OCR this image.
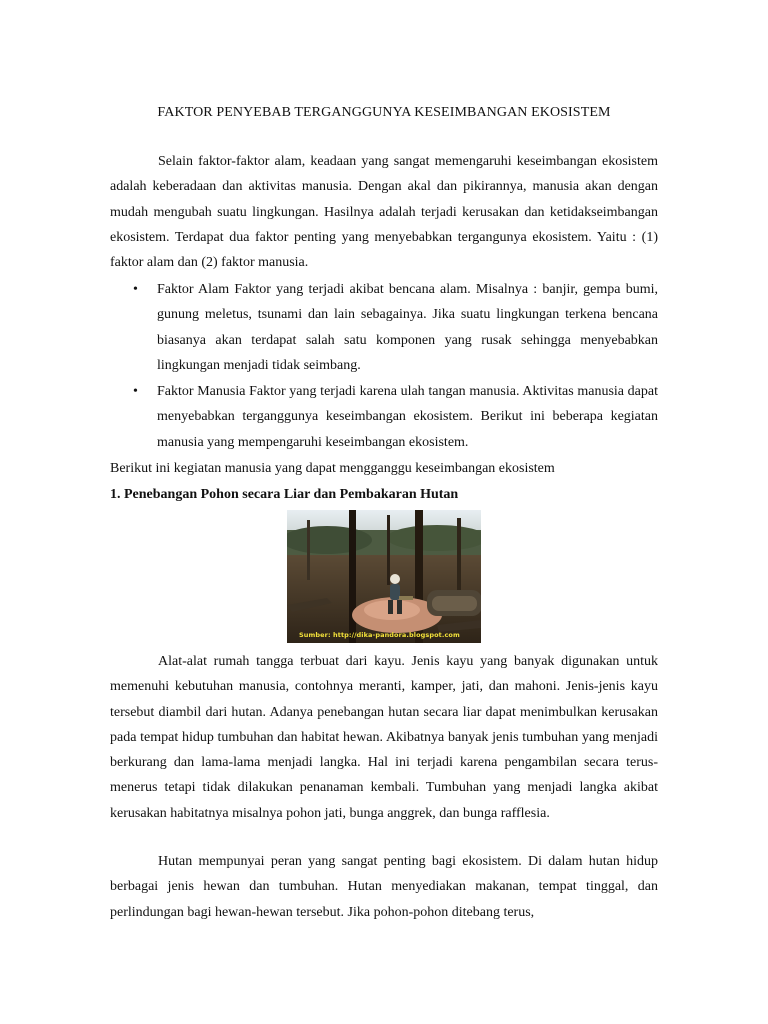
FAKTOR PENYEBAB TERGANGGUNYA KESEIMBANGAN EKOSISTEM

Selain faktor-faktor alam, keadaan yang sangat memengaruhi keseimbangan ekosistem adalah keberadaan dan aktivitas manusia. Dengan akal dan pikirannya, manusia akan dengan mudah mengubah suatu lingkungan. Hasilnya adalah terjadi kerusakan dan ketidakseimbangan ekosistem. Terdapat dua faktor penting yang menyebabkan tergangunya ekosistem. Yaitu : (1) faktor alam dan (2) faktor manusia.

• Faktor Alam Faktor yang terjadi akibat bencana alam. Misalnya : banjir, gempa bumi, gunung meletus, tsunami dan lain sebagainya. Jika suatu lingkungan terkena bencana biasanya akan terdapat salah satu komponen yang rusak sehingga menyebabkan lingkungan menjadi tidak seimbang.
• Faktor Manusia Faktor yang terjadi karena ulah tangan manusia. Aktivitas manusia dapat menyebabkan terganggunya keseimbangan ekosistem. Berikut ini beberapa kegiatan manusia yang mempengaruhi keseimbangan ekosistem.

Berikut ini kegiatan manusia yang dapat mengganggu keseimbangan ekosistem

1. Penebangan Pohon secara Liar dan Pembakaran Hutan

Sumber: http://dika-pandora.blogspot.com

Alat-alat rumah tangga terbuat dari kayu. Jenis kayu yang banyak digunakan untuk memenuhi kebutuhan manusia, contohnya meranti, kamper, jati, dan mahoni. Jenis-jenis kayu tersebut diambil dari hutan. Adanya penebangan hutan secara liar dapat menimbulkan kerusakan pada tempat hidup tumbuhan dan habitat hewan. Akibatnya banyak jenis tumbuhan yang menjadi berkurang dan lama-lama menjadi langka. Hal ini terjadi karena pengambilan secara terus-menerus tetapi tidak dilakukan penanaman kembali. Tumbuhan yang menjadi langka akibat kerusakan habitatnya misalnya pohon jati, bunga anggrek, dan bunga rafflesia.

Hutan mempunyai peran yang sangat penting bagi ekosistem. Di dalam hutan hidup berbagai jenis hewan dan tumbuhan. Hutan menyediakan makanan, tempat tinggal, dan perlindungan bagi hewan-hewan tersebut. Jika pohon-pohon ditebang terus,
